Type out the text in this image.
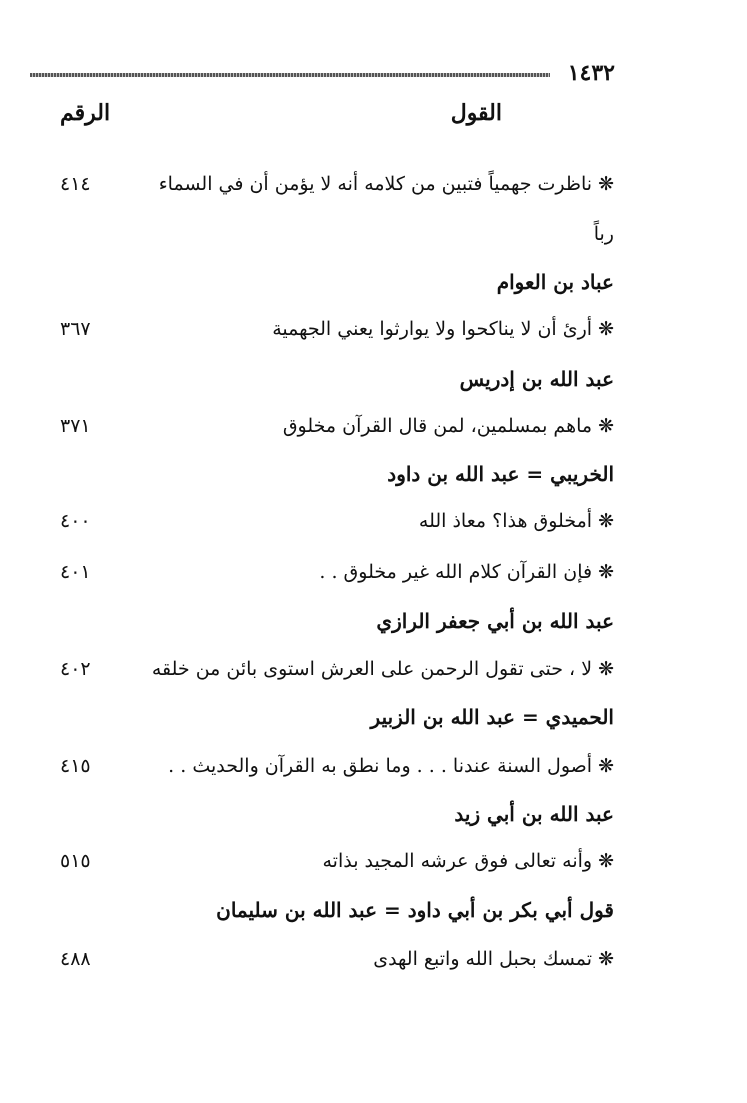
١٤٣٢
القول
الرقم
❋ناظرت جهمياً فتبين من كلامه أنه لا يؤمن أن في السماء
رباً
٤١٤
عباد بن العوام
❋أرئ أن لا يناكحوا ولا يوارثوا يعني الجهمية
٣٦٧
عبد الله بن إدريس
❋ماهم بمسلمين، لمن قال القرآن مخلوق
٣٧١
الخريبي = عبد الله بن داود
❋أمخلوق هذا؟ معاذ الله
٤٠٠
❋فإن القرآن كلام الله غير مخلوق . .
٤٠١
عبد الله بن أبي جعفر الرازي
❋لا ، حتى تقول الرحمن على العرش استوى بائن من خلقه
٤٠٢
الحميدي = عبد الله بن الزبير
❋أصول السنة عندنا . . . وما نطق به القرآن والحديث . .
٤١٥
عبد الله بن أبي زيد
❋وأنه تعالى فوق عرشه المجيد بذاته
٥١٥
قول أبي بكر بن أبي داود = عبد الله بن سليمان
❋تمسك بحبل الله واتبع الهدى
٤٨٨
